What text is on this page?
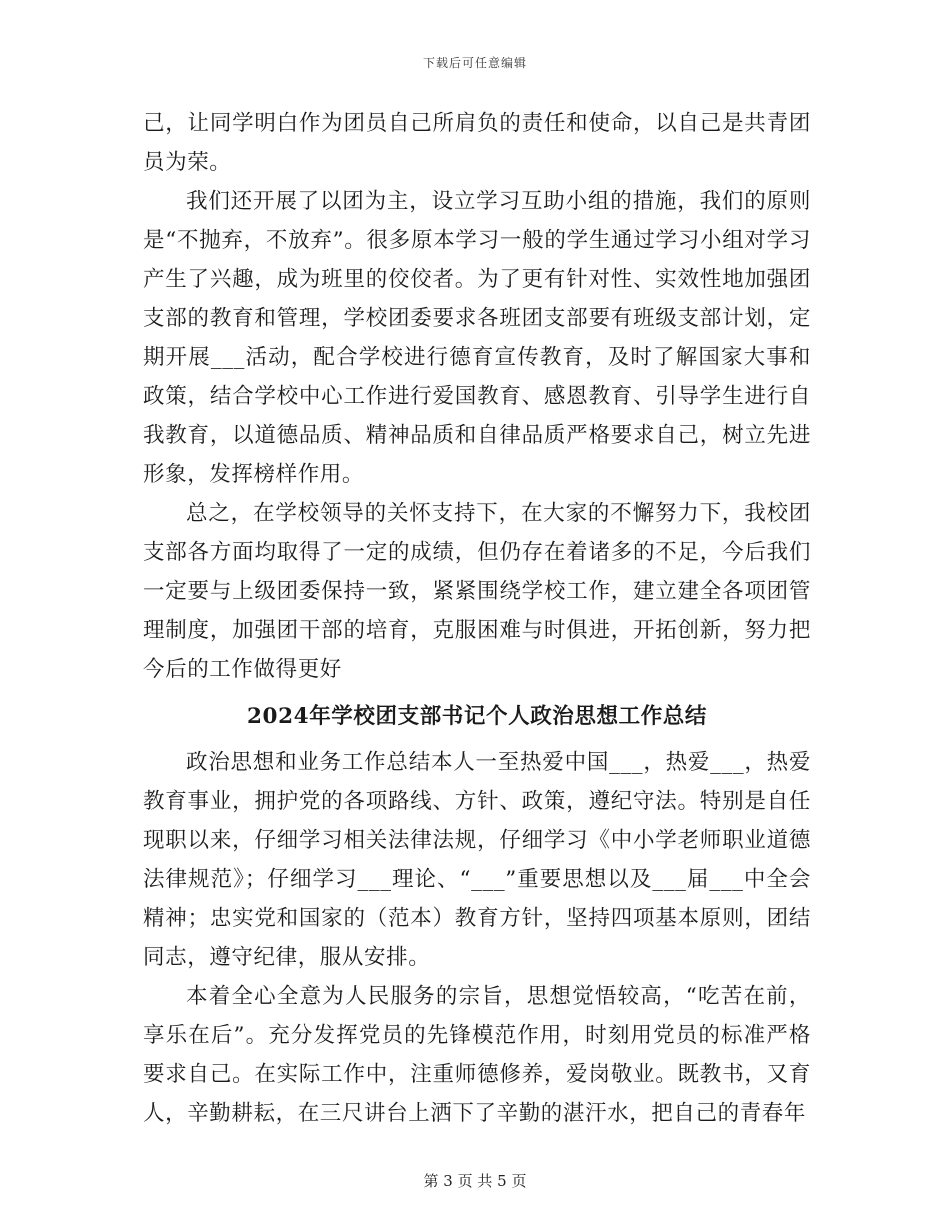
下载后可任意编辑

己，让同学明白作为团员自己所肩负的责任和使命，以自己是共青团员为荣。

我们还开展了以团为主，设立学习互助小组的措施，我们的原则是“不抛弃，不放弃”。很多原本学习一般的学生通过学习小组对学习产生了兴趣，成为班里的佼佼者。为了更有针对性、实效性地加强团支部的教育和管理，学校团委要求各班团支部要有班级支部计划，定期开展___活动，配合学校进行德育宣传教育，及时了解国家大事和政策，结合学校中心工作进行爱国教育、感恩教育、引导学生进行自我教育，以道德品质、精神品质和自律品质严格要求自己，树立先进形象，发挥榜样作用。

总之，在学校领导的关怀支持下，在大家的不懈努力下，我校团支部各方面均取得了一定的成绩，但仍存在着诸多的不足，今后我们一定要与上级团委保持一致，紧紧围绕学校工作，建立建全各项团管理制度，加强团干部的培育，克服困难与时俱进，开拓创新，努力把今后的工作做得更好

2024年学校团支部书记个人政治思想工作总结

政治思想和业务工作总结本人一至热爱中国___，热爱___，热爱教育事业，拥护党的各项路线、方针、政策，遵纪守法。特别是自任现职以来，仔细学习相关法律法规，仔细学习《中小学老师职业道德法律规范》；仔细学习___理论、“___”重要思想以及___届___中全会精神；忠实党和国家的（范本）教育方针，坚持四项基本原则，团结同志，遵守纪律，服从安排。

本着全心全意为人民服务的宗旨，思想觉悟较高，“吃苦在前，享乐在后”。充分发挥党员的先锋模范作用，时刻用党员的标准严格要求自己。在实际工作中，注重师德修养，爱岗敬业。既教书，又育人，辛勤耕耘，在三尺讲台上洒下了辛勤的湛汗水，把自己的青春年

第 3 页 共 5 页
